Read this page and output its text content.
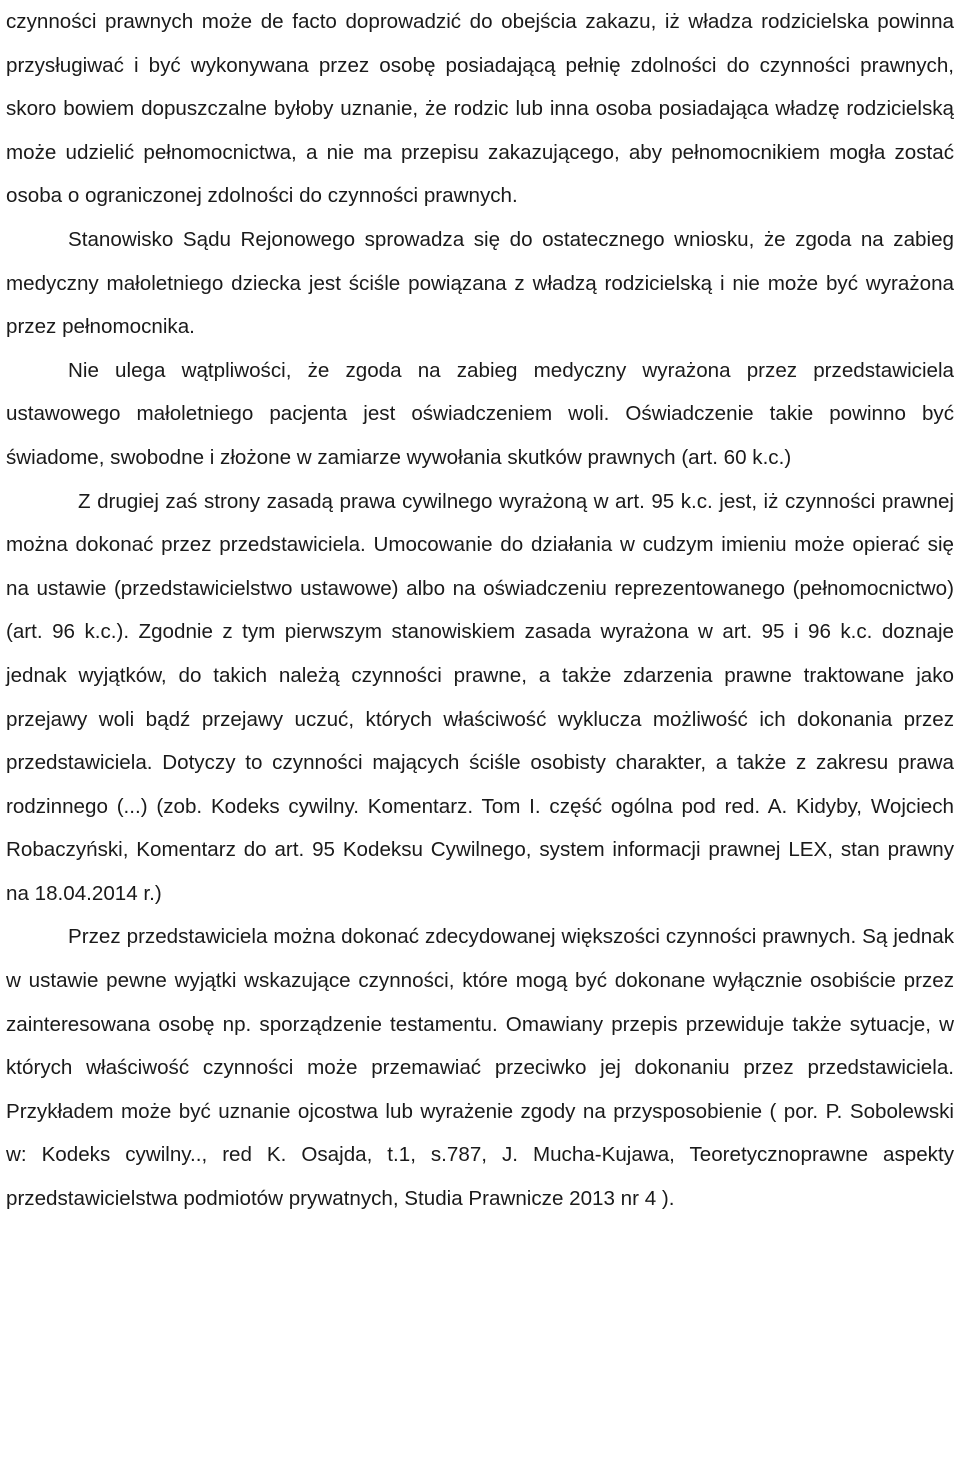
czynności prawnych może de facto doprowadzić do obejścia zakazu, iż władza rodzicielska powinna przysługiwać i być wykonywana przez osobę posiadającą pełnię zdolności do czynności prawnych, skoro bowiem dopuszczalne byłoby uznanie, że rodzic lub inna osoba posiadająca władzę rodzicielską może udzielić pełnomocnictwa, a nie ma przepisu zakazującego, aby pełnomocnikiem mogła zostać osoba o ograniczonej zdolności do czynności prawnych.

Stanowisko Sądu Rejonowego sprowadza się do ostatecznego wniosku, że zgoda na zabieg medyczny małoletniego dziecka jest ściśle powiązana z władzą rodzicielską i nie może być wyrażona przez pełnomocnika.

Nie ulega wątpliwości, że zgoda na zabieg medyczny wyrażona przez przedstawiciela ustawowego małoletniego pacjenta jest oświadczeniem woli. Oświadczenie takie powinno być świadome, swobodne i złożone w zamiarze wywołania skutków prawnych (art. 60 k.c.)

Z drugiej zaś strony zasadą prawa cywilnego wyrażoną w art. 95 k.c. jest, iż czynności prawnej można dokonać przez przedstawiciela. Umocowanie do działania w cudzym imieniu może opierać się na ustawie (przedstawicielstwo ustawowe) albo na oświadczeniu reprezentowanego (pełnomocnictwo) (art. 96 k.c.). Zgodnie z tym pierwszym stanowiskiem zasada wyrażona w art. 95 i 96 k.c. doznaje jednak wyjątków, do takich należą czynności prawne, a także zdarzenia prawne traktowane jako przejawy woli bądź przejawy uczuć, których właściwość wyklucza możliwość ich dokonania przez przedstawiciela. Dotyczy to czynności mających ściśle osobisty charakter, a także z zakresu prawa rodzinnego (...) (zob. Kodeks cywilny. Komentarz. Tom I. część ogólna pod red. A. Kidyby, Wojciech Robaczyński, Komentarz do art. 95 Kodeksu Cywilnego, system informacji prawnej LEX, stan prawny na 18.04.2014 r.)

Przez przedstawiciela można dokonać zdecydowanej większości czynności prawnych. Są jednak w ustawie pewne wyjątki wskazujące czynności, które mogą być dokonane wyłącznie osobiście przez zainteresowana osobę np. sporządzenie testamentu. Omawiany przepis przewiduje także sytuacje, w których właściwość czynności może przemawiać przeciwko jej dokonaniu przez przedstawiciela. Przykładem może być uznanie ojcostwa lub wyrażenie zgody na przysposobienie ( por. P. Sobolewski w: Kodeks cywilny.., red K. Osajda, t.1, s.787, J. Mucha-Kujawa, Teoretycznoprawne aspekty przedstawicielstwa podmiotów prywatnych, Studia Prawnicze 2013 nr 4 ).
